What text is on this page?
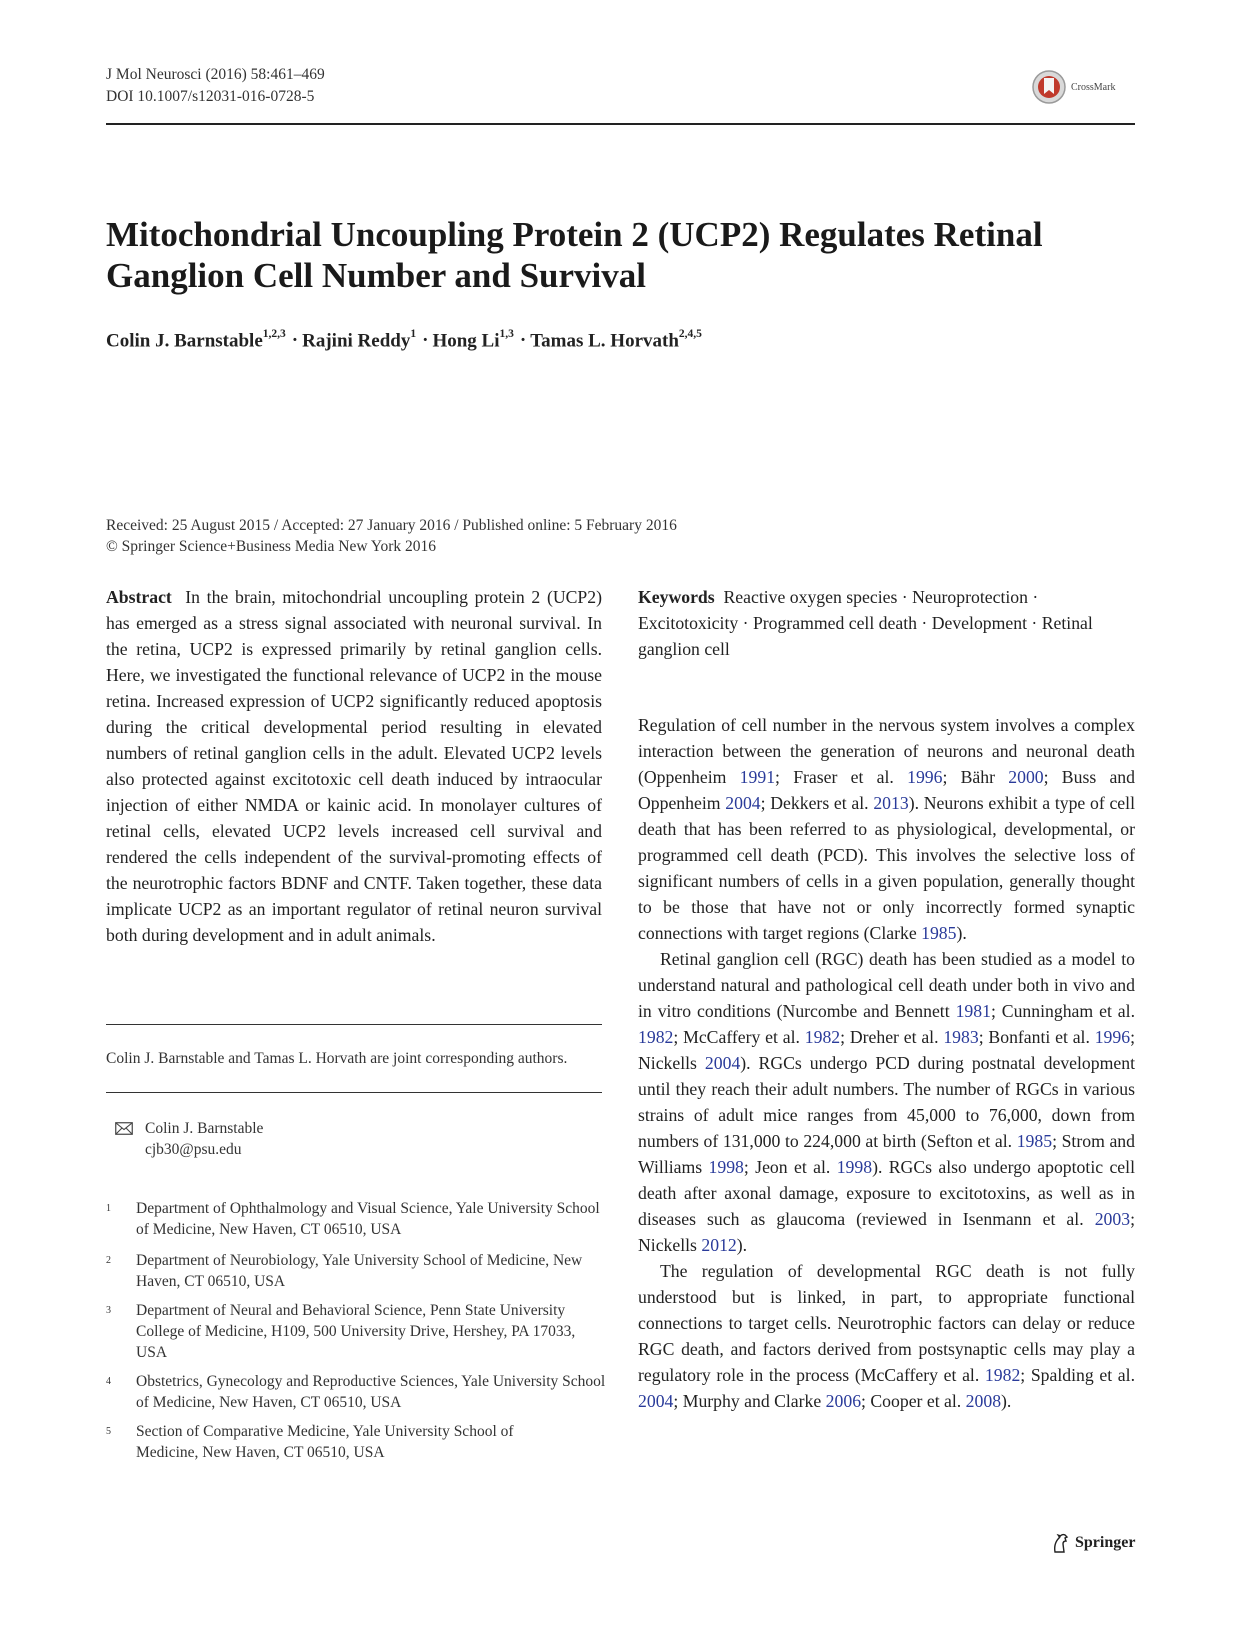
J Mol Neurosci (2016) 58:461–469
DOI 10.1007/s12031-016-0728-5
CrossMark
Mitochondrial Uncoupling Protein 2 (UCP2) Regulates Retinal Ganglion Cell Number and Survival
Colin J. Barnstable$^{1,2,3}$ · Rajini Reddy$^1$ · Hong Li$^{1,3}$ · Tamas L. Horvath$^{2,4,5}$
Received: 25 August 2015 / Accepted: 27 January 2016 / Published online: 5 February 2016
© Springer Science+Business Media New York 2016
Abstract In the brain, mitochondrial uncoupling protein 2 (UCP2) has emerged as a stress signal associated with neuronal survival. In the retina, UCP2 is expressed primarily by retinal ganglion cells. Here, we investigated the functional relevance of UCP2 in the mouse retina. Increased expression of UCP2 significantly reduced apoptosis during the critical developmental period resulting in elevated numbers of retinal ganglion cells in the adult. Elevated UCP2 levels also protected against excitotoxic cell death induced by intraocular injection of either NMDA or kainic acid. In monolayer cultures of retinal cells, elevated UCP2 levels increased cell survival and rendered the cells independent of the survival-promoting effects of the neurotrophic factors BDNF and CNTF. Taken together, these data implicate UCP2 as an important regulator of retinal neuron survival both during development and in adult animals.
Keywords Reactive oxygen species · Neuroprotection · Excitotoxicity · Programmed cell death · Development · Retinal ganglion cell
Colin J. Barnstable and Tamas L. Horvath are joint corresponding authors.
Colin J. Barnstable
cjb30@psu.edu
1	Department of Ophthalmology and Visual Science, Yale University School of Medicine, New Haven, CT 06510, USA
2	Department of Neurobiology, Yale University School of Medicine, New Haven, CT 06510, USA
3	Department of Neural and Behavioral Science, Penn State University College of Medicine, H109, 500 University Drive, Hershey, PA 17033, USA
4	Obstetrics, Gynecology and Reproductive Sciences, Yale University School of Medicine, New Haven, CT 06510, USA
5	Section of Comparative Medicine, Yale University School of Medicine, New Haven, CT 06510, USA

Regulation of cell number in the nervous system involves a complex interaction between the generation of neurons and neuronal death (Oppenheim 1991; Fraser et al. 1996; Bähr 2000; Buss and Oppenheim 2004; Dekkers et al. 2013). Neurons exhibit a type of cell death that has been referred to as physiological, developmental, or programmed cell death (PCD). This involves the selective loss of significant numbers of cells in a given population, generally thought to be those that have not or only incorrectly formed synaptic connections with target regions (Clarke 1985).

Retinal ganglion cell (RGC) death has been studied as a model to understand natural and pathological cell death under both in vivo and in vitro conditions (Nurcombe and Bennett 1981; Cunningham et al. 1982; McCaffery et al. 1982; Dreher et al. 1983; Bonfanti et al. 1996; Nickells 2004). RGCs undergo PCD during postnatal development until they reach their adult numbers. The number of RGCs in various strains of adult mice ranges from 45,000 to 76,000, down from numbers of 131,000 to 224,000 at birth (Sefton et al. 1985; Strom and Williams 1998; Jeon et al. 1998). RGCs also undergo apoptotic cell death after axonal damage, exposure to excitotoxins, as well as in diseases such as glaucoma (reviewed in Isenmann et al. 2003; Nickells 2012).

The regulation of developmental RGC death is not fully understood but is linked, in part, to appropriate functional connections to target cells. Neurotrophic factors can delay or reduce RGC death, and factors derived from postsynaptic cells may play a regulatory role in the process (McCaffery et al. 1982; Spalding et al. 2004; Murphy and Clarke 2006; Cooper et al. 2008).

Springer
